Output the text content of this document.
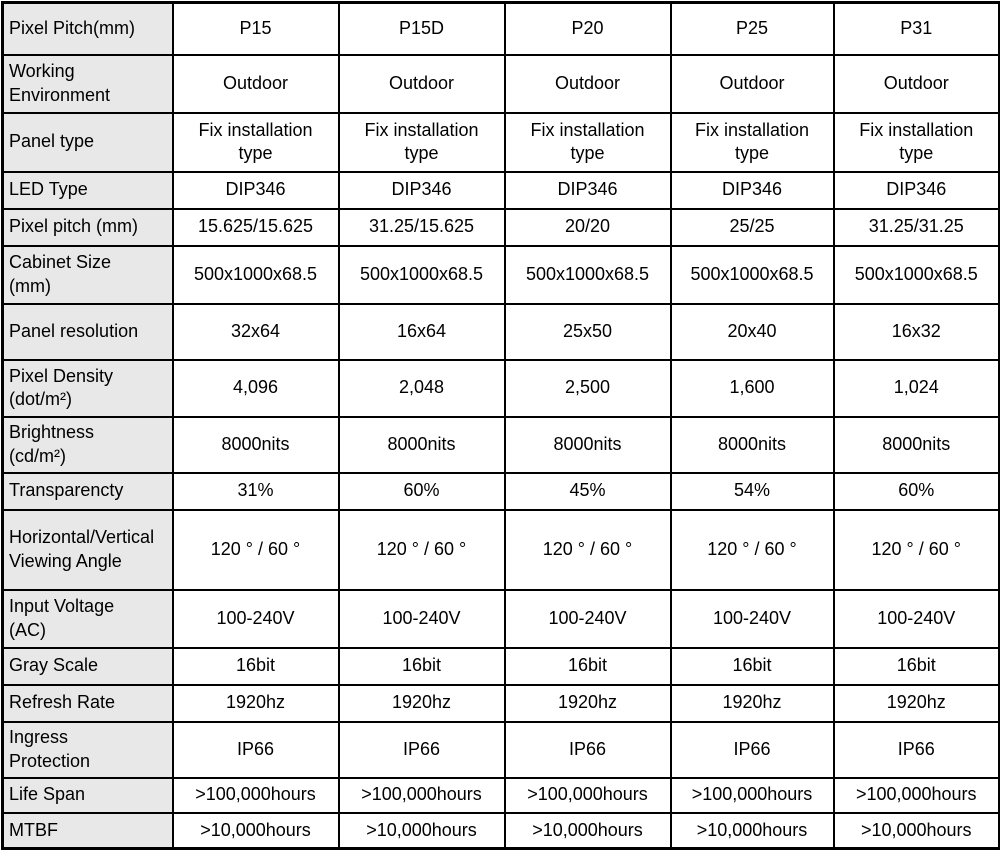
Pixel Pitch(mm)	P15	P15D	P20	P25	P31
Working Environment	Outdoor	Outdoor	Outdoor	Outdoor	Outdoor
Panel type	Fix installation type	Fix installation type	Fix installation type	Fix installation type	Fix installation type
LED Type	DIP346	DIP346	DIP346	DIP346	DIP346
Pixel pitch (mm)	15.625/15.625	31.25/15.625	20/20	25/25	31.25/31.25
Cabinet Size (mm)	500x1000x68.5	500x1000x68.5	500x1000x68.5	500x1000x68.5	500x1000x68.5
Panel resolution	32x64	16x64	25x50	20x40	16x32
Pixel Density (dot/m²)	4,096	2,048	2,500	1,600	1,024
Brightness (cd/m²)	8000nits	8000nits	8000nits	8000nits	8000nits
Transparencty	31%	60%	45%	54%	60%
Horizontal/Vertical Viewing Angle	120 ° / 60 °	120 ° / 60 °	120 ° / 60 °	120 ° / 60 °	120 ° / 60 °
Input Voltage (AC)	100-240V	100-240V	100-240V	100-240V	100-240V
Gray Scale	16bit	16bit	16bit	16bit	16bit
Refresh Rate	1920hz	1920hz	1920hz	1920hz	1920hz
Ingress Protection	IP66	IP66	IP66	IP66	IP66
Life Span	>100,000hours	>100,000hours	>100,000hours	>100,000hours	>100,000hours
MTBF	>10,000hours	>10,000hours	>10,000hours	>10,000hours	>10,000hours
